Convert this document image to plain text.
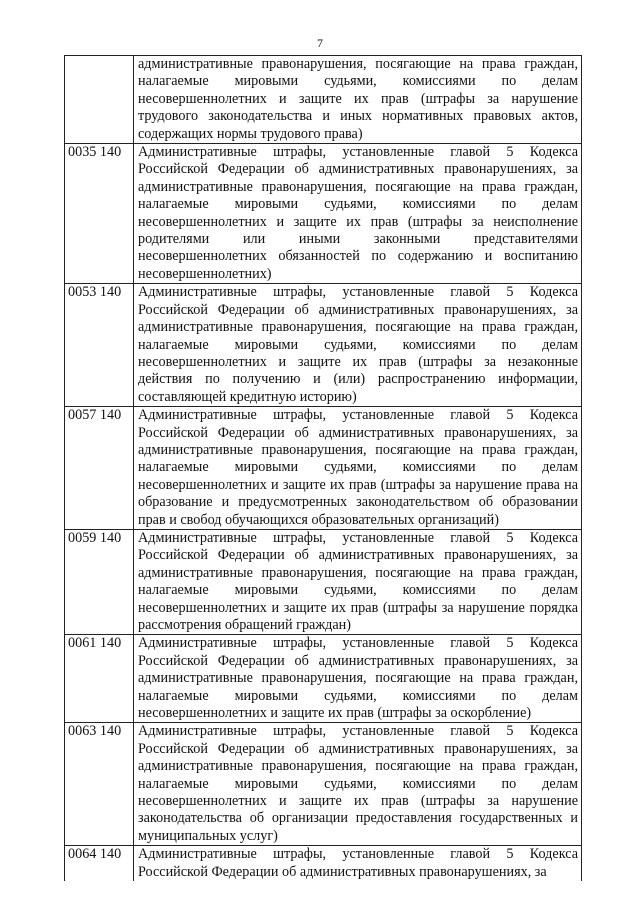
7
	административные правонарушения, посягающие на права граждан, налагаемые мировыми судьями, комиссиями по делам несовершеннолетних и защите их прав (штрафы за нарушение трудового законодательства и иных нормативных правовых актов, содержащих нормы трудового права)
0035 140	Административные штрафы, установленные главой 5 Кодекса Российской Федерации об административных правонарушениях, за административные правонарушения, посягающие на права граждан, налагаемые мировыми судьями, комиссиями по делам несовершеннолетних и защите их прав (штрафы за неисполнение родителями или иными законными представителями несовершеннолетних обязанностей по содержанию и воспитанию несовершеннолетних)
0053 140	Административные штрафы, установленные главой 5 Кодекса Российской Федерации об административных правонарушениях, за административные правонарушения, посягающие на права граждан, налагаемые мировыми судьями, комиссиями по делам несовершеннолетних и защите их прав (штрафы за незаконные действия по получению и (или) распространению информации, составляющей кредитную историю)
0057 140	Административные штрафы, установленные главой 5 Кодекса Российской Федерации об административных правонарушениях, за административные правонарушения, посягающие на права граждан, налагаемые мировыми судьями, комиссиями по делам несовершеннолетних и защите их прав (штрафы за нарушение права на образование и предусмотренных законодательством об образовании прав и свобод обучающихся образовательных организаций)
0059 140	Административные штрафы, установленные главой 5 Кодекса Российской Федерации об административных правонарушениях, за административные правонарушения, посягающие на права граждан, налагаемые мировыми судьями, комиссиями по делам несовершеннолетних и защите их прав (штрафы за нарушение порядка рассмотрения обращений граждан)
0061 140	Административные штрафы, установленные главой 5 Кодекса Российской Федерации об административных правонарушениях, за административные правонарушения, посягающие на права граждан, налагаемые мировыми судьями, комиссиями по делам несовершеннолетних и защите их прав (штрафы за оскорбление)
0063 140	Административные штрафы, установленные главой 5 Кодекса Российской Федерации об административных правонарушениях, за административные правонарушения, посягающие на права граждан, налагаемые мировыми судьями, комиссиями по делам несовершеннолетних и защите их прав (штрафы за нарушение законодательства об организации предоставления государственных и муниципальных услуг)
0064 140	Административные штрафы, установленные главой 5 Кодекса Российской Федерации об административных правонарушениях, за
